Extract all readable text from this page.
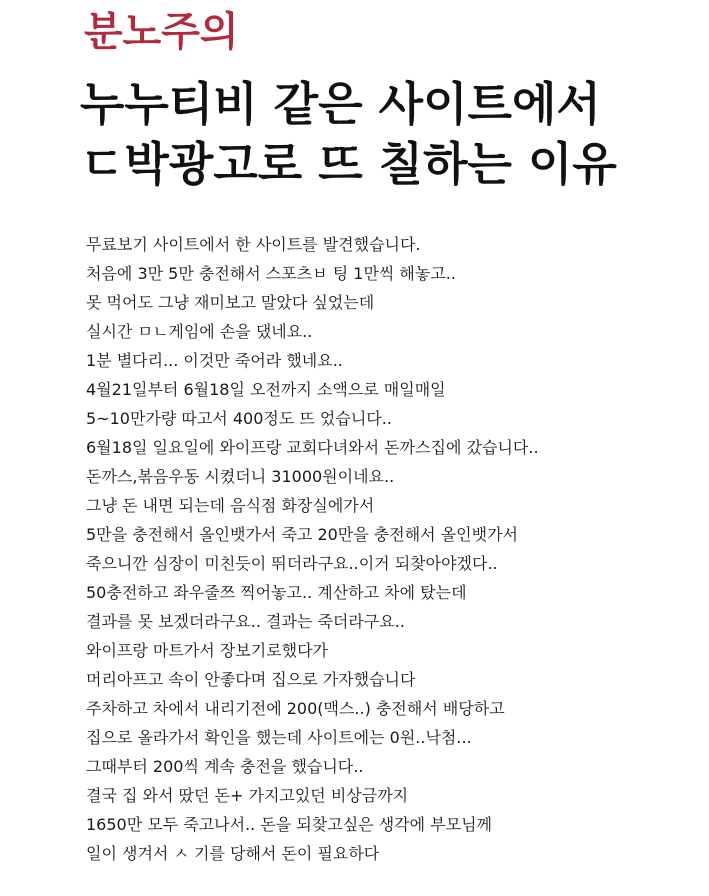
분노주의
누누티비 같은 사이트에서
ㄷ박광고로 뜨 칠하는 이유
무료보기 사이트에서 한 사이트를 발견했습니다.
처음에 3만 5만 충전해서 스포츠ㅂ 팅 1만씩 해놓고..
못 먹어도 그냥 재미보고 말았다 싶었는데
실시간 ㅁㄴ게임에 손을 댔네요..
1분 별다리... 이것만 죽어라 했네요..
4월21일부터 6월18일 오전까지 소액으로 매일매일
5~10만가량 따고서 400정도 뜨 었습니다..
6월18일 일요일에 와이프랑 교회다녀와서 돈까스집에 갔습니다..
돈까스,볶음우동 시켰더니 31000원이네요..
그냥 돈 내면 되는데 음식점 화장실에가서
5만을 충전해서 올인뱃가서 죽고 20만을 충전해서 올인뱃가서
죽으니깐 심장이 미친듯이 뛰더라구요..이거 되찾아야겠다..
50충전하고 좌우줄쯔 찍어놓고.. 계산하고 차에 탔는데
결과를 못 보겠더라구요.. 결과는 죽더라구요..
와이프랑 마트가서 장보기로했다가
머리아프고 속이 안좋다며 집으로 가자했습니다
주차하고 차에서 내리기전에 200(맥스..) 충전해서 배당하고
집으로 올라가서 확인을 했는데 사이트에는 0원..낙첨...
그때부터 200씩 계속 충전을 했습니다..
결국 집 와서 땄던 돈+ 가지고있던 비상금까지
1650만 모두 죽고나서.. 돈을 되찾고싶은 생각에 부모님께
일이 생겨서 ㅅ 기를 당해서 돈이 필요하다
